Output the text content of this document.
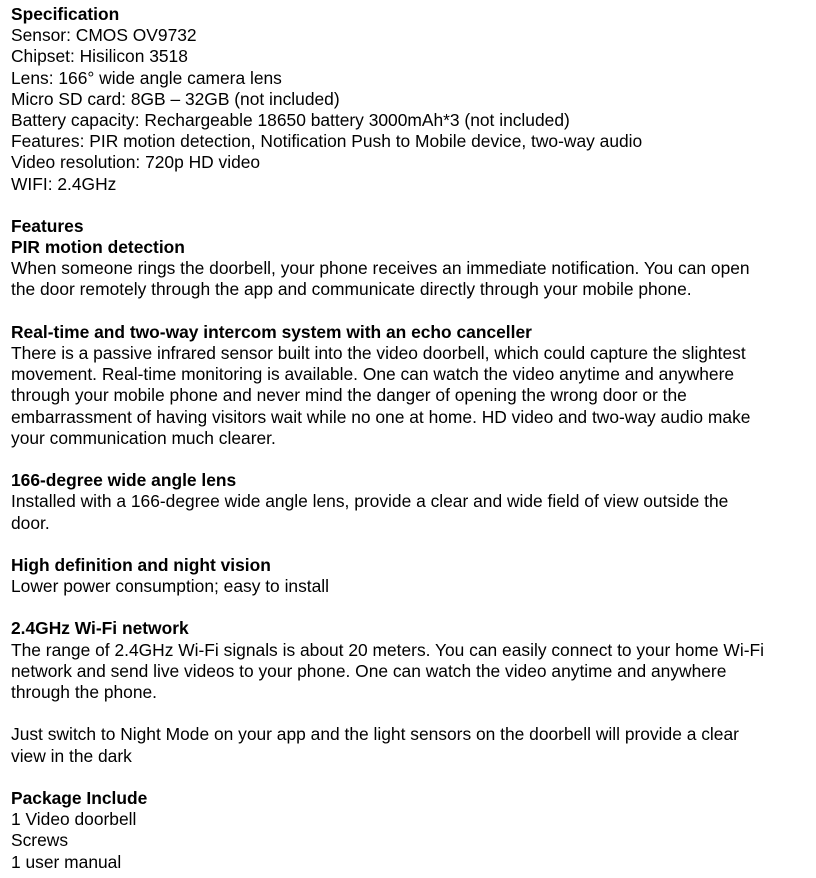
Specification
Sensor: CMOS OV9732
Chipset: Hisilicon 3518
Lens: 166° wide angle camera lens
Micro SD card: 8GB – 32GB (not included)
Battery capacity: Rechargeable 18650 battery 3000mAh*3 (not included)
Features: PIR motion detection, Notification Push to Mobile device, two-way audio
Video resolution: 720p HD video
WIFI: 2.4GHz
Features
PIR motion detection
When someone rings the doorbell, your phone receives an immediate notification. You can open
the door remotely through the app and communicate directly through your mobile phone.
Real-time and two-way intercom system with an echo canceller
There is a passive infrared sensor built into the video doorbell, which could capture the slightest
movement. Real-time monitoring is available. One can watch the video anytime and anywhere
through your mobile phone and never mind the danger of opening the wrong door or the
embarrassment of having visitors wait while no one at home. HD video and two-way audio make
your communication much clearer.
166-degree wide angle lens
Installed with a 166-degree wide angle lens, provide a clear and wide field of view outside the
door.
High definition and night vision
Lower power consumption; easy to install
2.4GHz Wi-Fi network
The range of 2.4GHz Wi-Fi signals is about 20 meters. You can easily connect to your home Wi-Fi
network and send live videos to your phone. One can watch the video anytime and anywhere
through the phone.
Just switch to Night Mode on your app and the light sensors on the doorbell will provide a clear
view in the dark
Package Include
1 Video doorbell
Screws
1 user manual
